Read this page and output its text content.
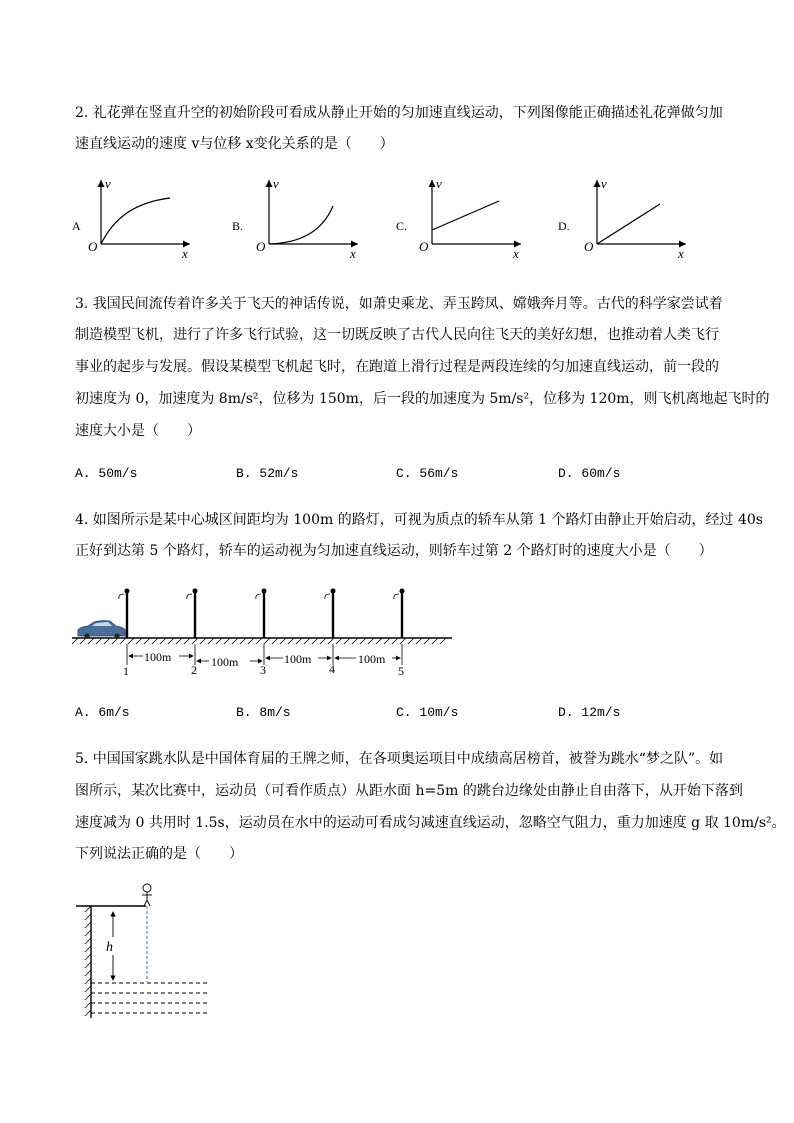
2. 礼花弹在竖直升空的初始阶段可看成从静止开始的匀加速直线运动，下列图像能正确描述礼花弹做匀加
速直线运动的速度 v与位移 x变化关系的是（　　）
A
v
x
O
B.
v
x
O
C.
v
x
O
D.
v
x
O
3. 我国民间流传着许多关于飞天的神话传说，如萧史乘龙、弄玉跨凤、嫦娥奔月等。古代的科学家尝试着
制造模型飞机，进行了许多飞行试验，这一切既反映了古代人民向往飞天的美好幻想，也推动着人类飞行
事业的起步与发展。假设某模型飞机起飞时，在跑道上滑行过程是两段连续的匀加速直线运动，前一段的
初速度为 0，加速度为 8m/s²，位移为 150m，后一段的加速度为 5m/s²，位移为 120m，则飞机离地起飞时的
速度大小是（　　）
A. 50m/s	B. 52m/s	C. 56m/s	D. 60m/s
4. 如图所示是某中心城区间距均为 100m 的路灯，可视为质点的轿车从第 1 个路灯由静止开始启动，经过 40s
正好到达第 5 个路灯，轿车的运动视为匀加速直线运动，则轿车过第 2 个路灯时的速度大小是（　　）
100m	100m	100m	100m
1	2	3	4	5
A. 6m/s	B. 8m/s	C. 10m/s	D. 12m/s
5. 中国国家跳水队是中国体育届的王牌之师，在各项奥运项目中成绩高居榜首，被誉为跳水“梦之队”。如
图所示，某次比赛中，运动员（可看作质点）从距水面 h=5m 的跳台边缘处由静止自由落下，从开始下落到
速度减为 0 共用时 1.5s，运动员在水中的运动可看成匀减速直线运动，忽略空气阻力，重力加速度 g 取 10m/s²。
下列说法正确的是（　　）
h
